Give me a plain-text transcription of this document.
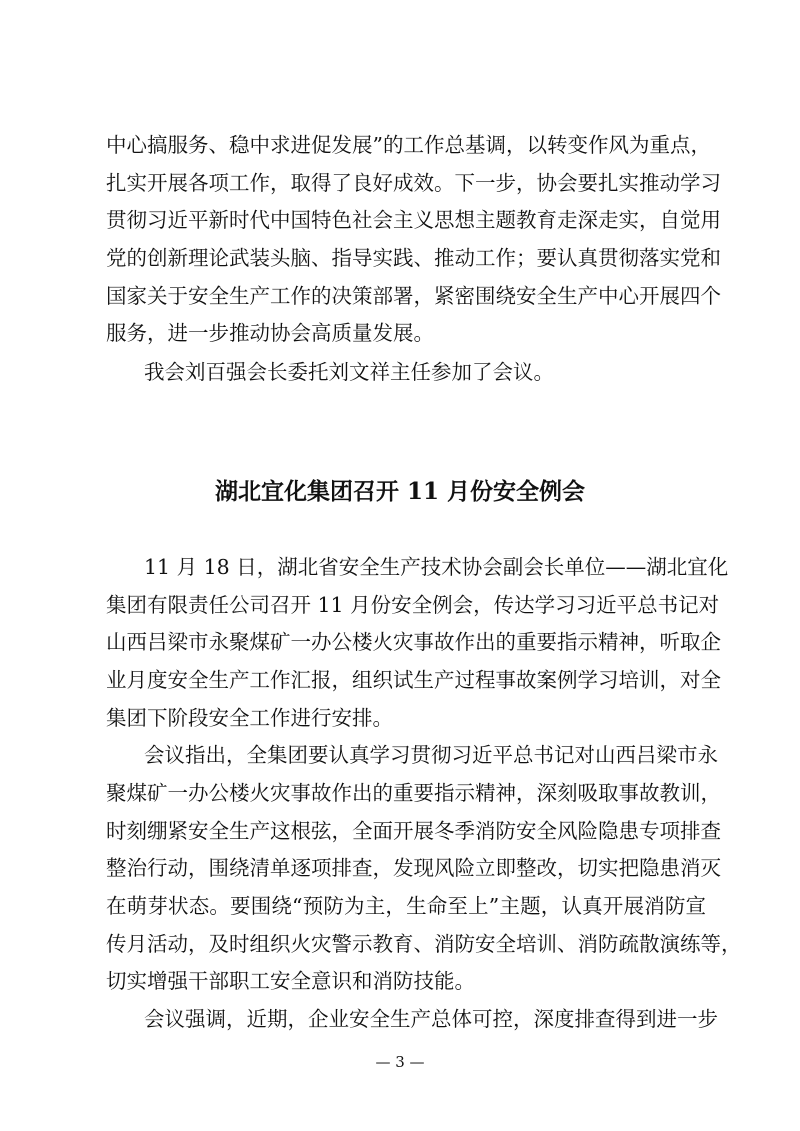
中心搞服务、稳中求进促发展”的工作总基调，以转变作风为重点，
扎实开展各项工作，取得了良好成效。下一步，协会要扎实推动学习
贯彻习近平新时代中国特色社会主义思想主题教育走深走实，自觉用
党的创新理论武装头脑、指导实践、推动工作；要认真贯彻落实党和
国家关于安全生产工作的决策部署，紧密围绕安全生产中心开展四个
服务，进一步推动协会高质量发展。
我会刘百强会长委托刘文祥主任参加了会议。
湖北宜化集团召开 11 月份安全例会
11 月 18 日，湖北省安全生产技术协会副会长单位——湖北宜化
集团有限责任公司召开 11 月份安全例会，传达学习习近平总书记对
山西吕梁市永聚煤矿一办公楼火灾事故作出的重要指示精神，听取企
业月度安全生产工作汇报，组织试生产过程事故案例学习培训，对全
集团下阶段安全工作进行安排。
会议指出，全集团要认真学习贯彻习近平总书记对山西吕梁市永
聚煤矿一办公楼火灾事故作出的重要指示精神，深刻吸取事故教训，
时刻绷紧安全生产这根弦，全面开展冬季消防安全风险隐患专项排查
整治行动，围绕清单逐项排查，发现风险立即整改，切实把隐患消灭
在萌芽状态。要围绕“预防为主，生命至上”主题，认真开展消防宣
传月活动，及时组织火灾警示教育、消防安全培训、消防疏散演练等，
切实增强干部职工安全意识和消防技能。
会议强调，近期，企业安全生产总体可控，深度排查得到进一步
— 3 —
